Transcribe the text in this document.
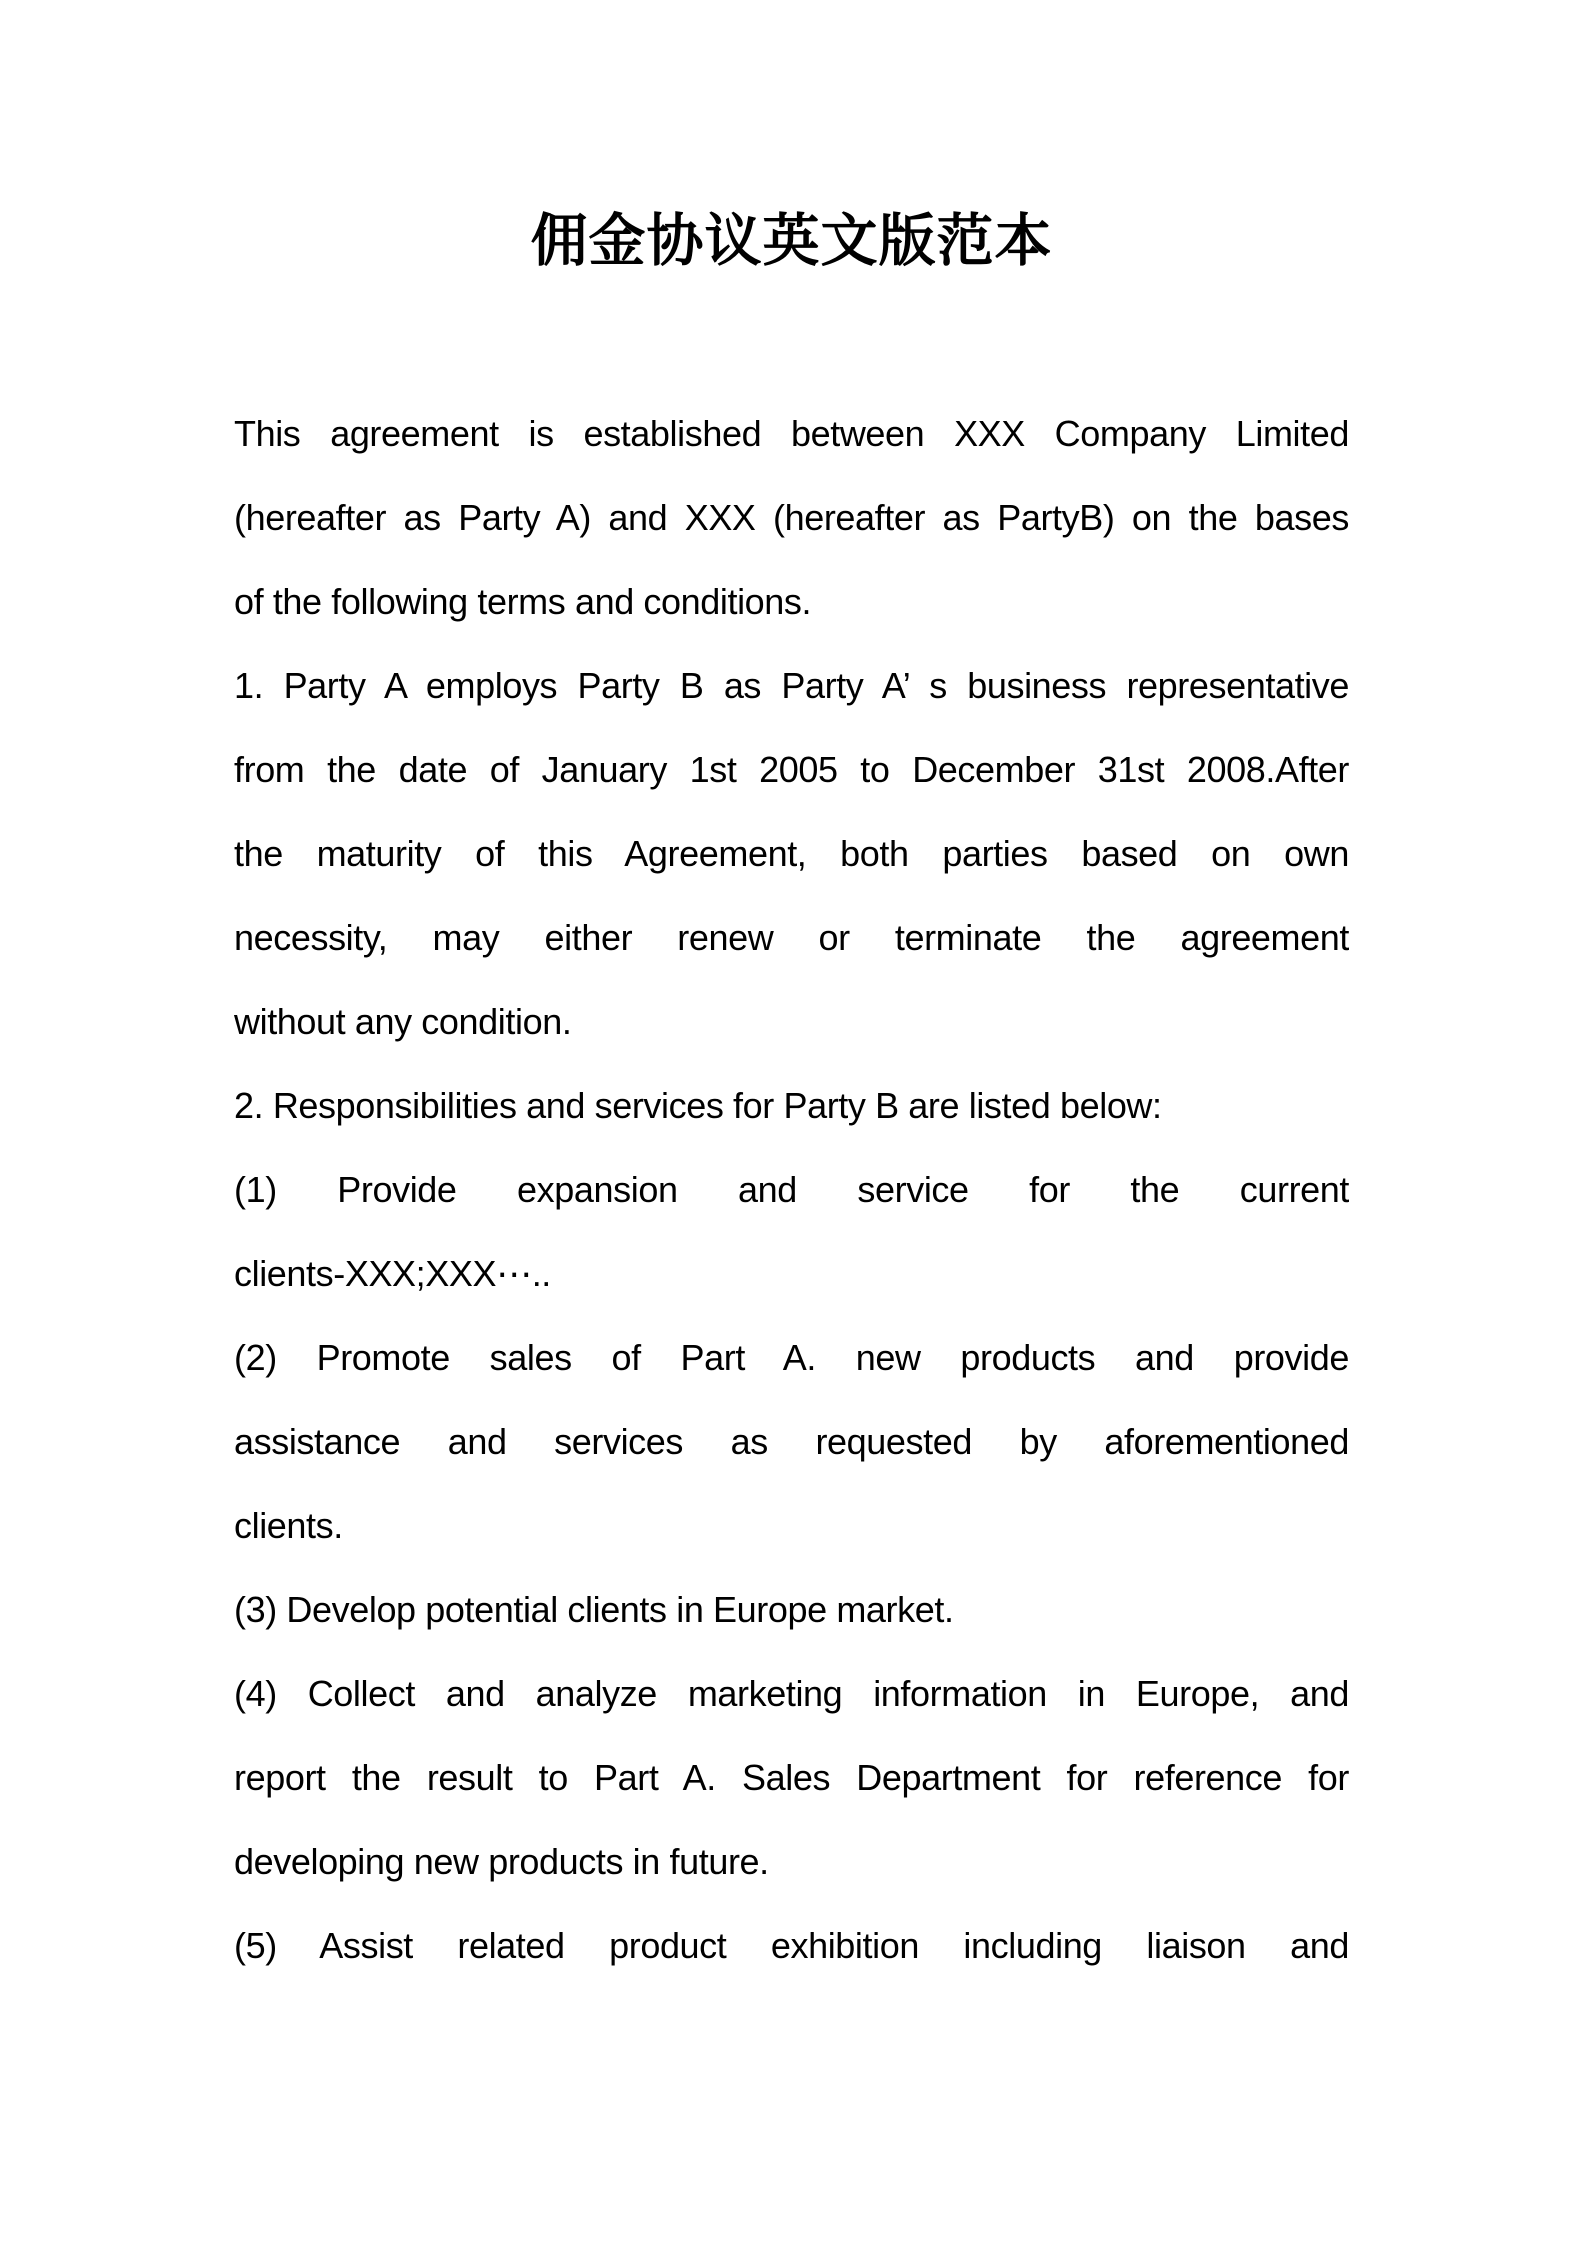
佣金协议英文版范本
This agreement is established between XXX Company Limited
(hereafter as Party A) and XXX (hereafter as PartyB) on the bases
of the following terms and conditions.
1. Party A employs Party B as Party A’ s business representative
from the date of January 1st 2005 to December 31st 2008.After
the maturity of this Agreement, both parties based on own
necessity, may either renew or terminate the agreement
without any condition.
2. Responsibilities and services for Party B are listed below:
(1) Provide expansion and service for the current
clients-XXX;XXX⋯..
(2) Promote sales of Part A. new products and provide
assistance and services as requested by aforementioned
clients.
(3) Develop potential clients in Europe market.
(4) Collect and analyze marketing information in Europe, and
report the result to Part A. Sales Department for reference for
developing new products in future.
(5) Assist related product exhibition including liaison and
